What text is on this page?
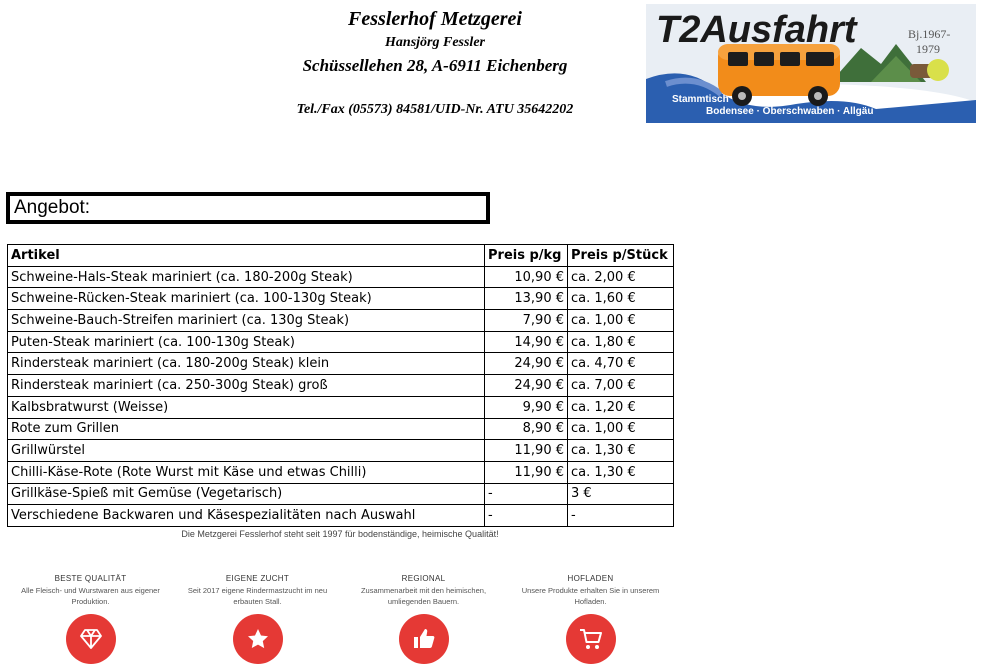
Fesslerhof Metzgerei
Hansjörg Fessler
Schüssellehen 28, A-6911 Eichenberg
Tel./Fax (05573) 84581/UID-Nr. ATU 35642202
T2Ausfahrt	Bj.1967-
1979
Stammtisch
Bodensee · Oberschwaben · Allgäu
Angebot:
Artikel	Preis p/kg	Preis p/Stück
Schweine-Hals-Steak mariniert (ca. 180-200g Steak)	10,90 €	ca. 2,00 €
Schweine-Rücken-Steak mariniert (ca. 100-130g Steak)	13,90 €	ca. 1,60 €
Schweine-Bauch-Streifen mariniert (ca. 130g Steak)	7,90 €	ca. 1,00 €
Puten-Steak mariniert (ca. 100-130g Steak)	14,90 €	ca. 1,80 €
Rindersteak mariniert (ca. 180-200g Steak) klein	24,90 €	ca. 4,70 €
Rindersteak mariniert (ca. 250-300g Steak) groß	24,90 €	ca. 7,00 €
Kalbsbratwurst (Weisse)	9,90 €	ca. 1,20 €
Rote zum Grillen	8,90 €	ca. 1,00 €
Grillwürstel	11,90 €	ca. 1,30 €
Chilli-Käse-Rote (Rote Wurst mit Käse und etwas Chilli)	11,90 €	ca. 1,30 €
Grillkäse-Spieß mit Gemüse (Vegetarisch)	-	3 €
Verschiedene Backwaren und Käsespezialitäten nach Auswahl	-	-
Die Metzgerei Fesslerhof steht seit 1997 für bodenständige, heimische Qualität!
BESTE QUALITÄT
Alle Fleisch- und Wurstwaren aus eigener Produktion.
EIGENE ZUCHT
Seit 2017 eigene Rindermastzucht im neu erbauten Stall.
REGIONAL
Zusammenarbeit mit den heimischen, umliegenden Bauern.
HOFLADEN
Unsere Produkte erhalten Sie in unserem Hofladen.
